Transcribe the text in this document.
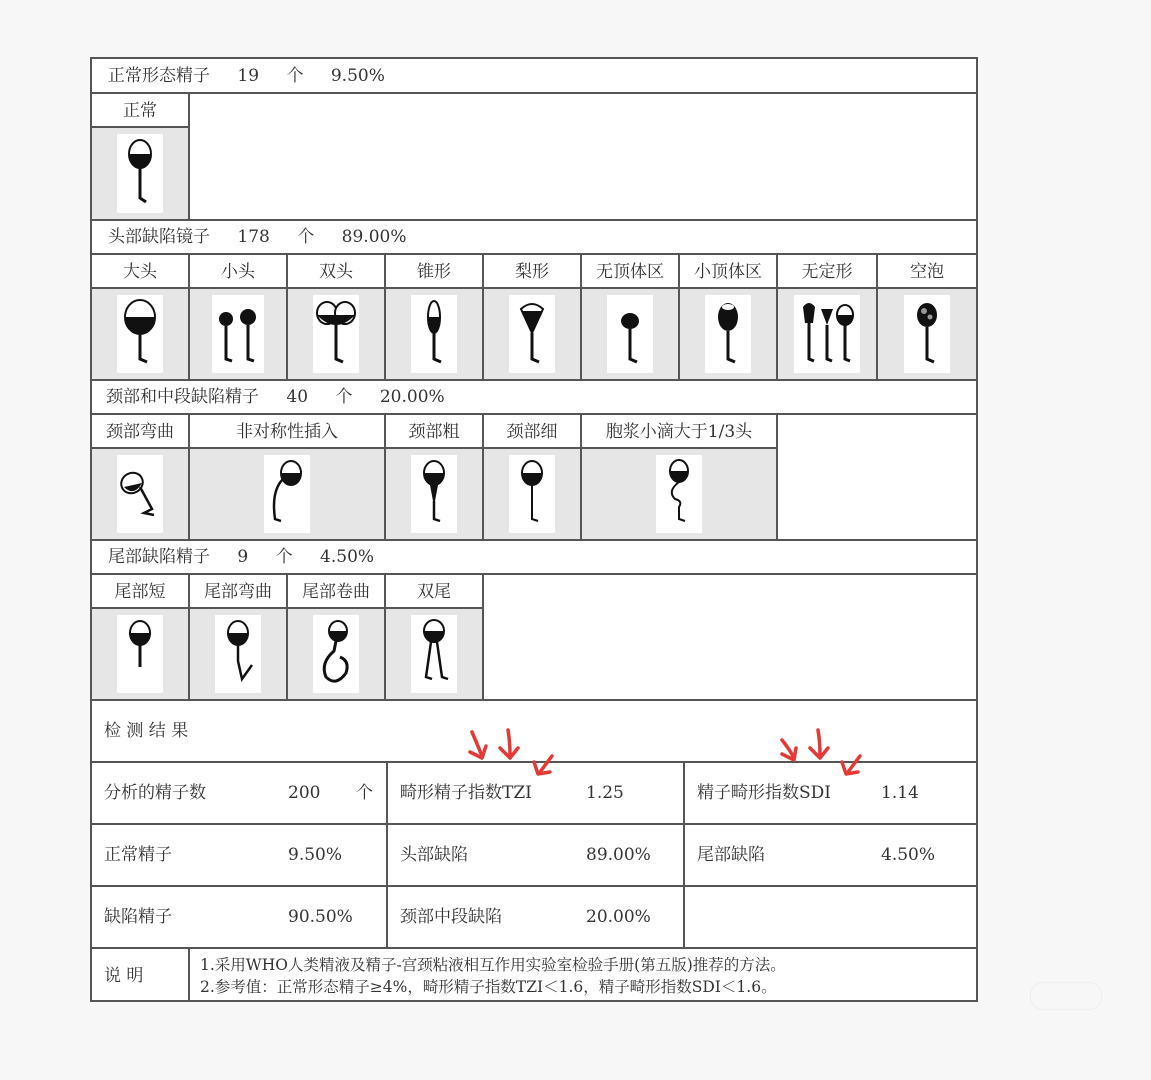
正常形态精子 19 个 9.50%
正常
头部缺陷镜子 178 个 89.00%
大头	小头	双头	锥形	梨形	无顶体区	小顶体区	无定形	空泡
颈部和中段缺陷精子 40 个 20.00%
颈部弯曲	非对称性插入	颈部粗	颈部细	胞浆小滴大于1/3头
尾部缺陷精子 9 个 4.50%
尾部短	尾部弯曲	尾部卷曲	双尾
检 测 结 果
分析的精子数	200 个 畸形精子指数TZI	1.25	精子畸形指数SDI	1.14
正常精子	9.50%	头部缺陷	89.00%	尾部缺陷	4.50%
缺陷精子	90.50%	颈部中段缺陷	20.00%
说 明
1.采用WHO人类精液及精子-宫颈粘液相互作用实验室检验手册(第五版)推荐的方法。
2.参考值：正常形态精子≥4%，畸形精子指数TZI＜1.6，精子畸形指数SDI＜1.6。
